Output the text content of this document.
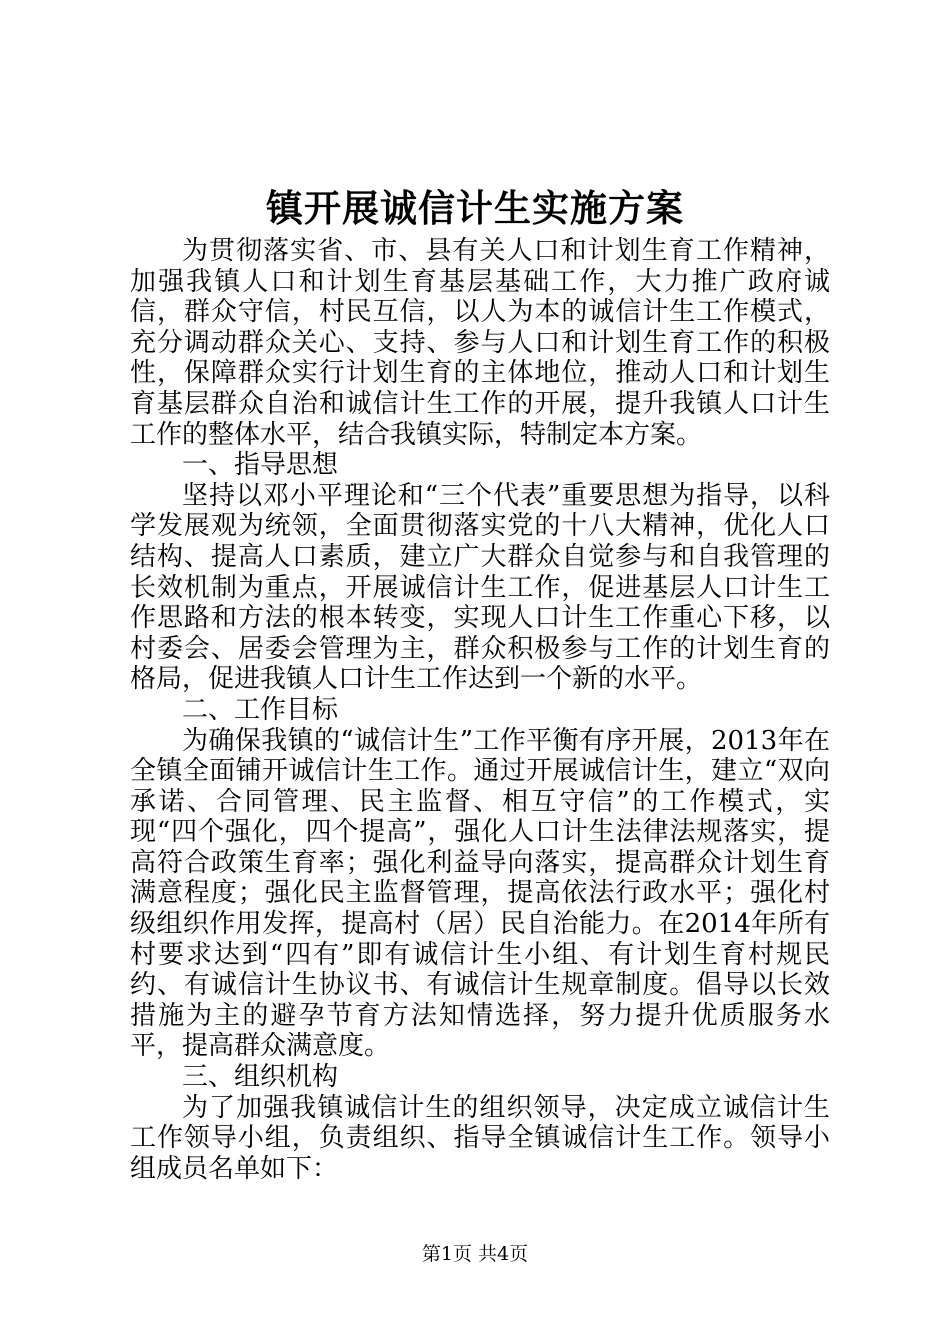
镇开展诚信计生实施方案

为贯彻落实省、市、县有关人口和计划生育工作精神，加强我镇人口和计划生育基层基础工作，大力推广政府诚信，群众守信，村民互信，以人为本的诚信计生工作模式，充分调动群众关心、支持、参与人口和计划生育工作的积极性，保障群众实行计划生育的主体地位，推动人口和计划生育基层群众自治和诚信计生工作的开展，提升我镇人口计生工作的整体水平，结合我镇实际，特制定本方案。

一、指导思想

坚持以邓小平理论和“三个代表”重要思想为指导，以科学发展观为统领，全面贯彻落实党的十八大精神，优化人口结构、提高人口素质，建立广大群众自觉参与和自我管理的长效机制为重点，开展诚信计生工作，促进基层人口计生工作思路和方法的根本转变，实现人口计生工作重心下移，以村委会、居委会管理为主，群众积极参与工作的计划生育的格局，促进我镇人口计生工作达到一个新的水平。

二、工作目标

为确保我镇的“诚信计生”工作平衡有序开展，2013年在全镇全面铺开诚信计生工作。通过开展诚信计生，建立“双向承诺、合同管理、民主监督、相互守信”的工作模式，实现“四个强化，四个提高”，强化人口计生法律法规落实，提高符合政策生育率；强化利益导向落实，提高群众计划生育满意程度；强化民主监督管理，提高依法行政水平；强化村级组织作用发挥，提高村（居）民自治能力。在2014年所有村要求达到“四有”即有诚信计生小组、有计划生育村规民约、有诚信计生协议书、有诚信计生规章制度。倡导以长效措施为主的避孕节育方法知情选择，努力提升优质服务水平，提高群众满意度。

三、组织机构

为了加强我镇诚信计生的组织领导，决定成立诚信计生工作领导小组，负责组织、指导全镇诚信计生工作。领导小组成员名单如下：

第1页 共4页
